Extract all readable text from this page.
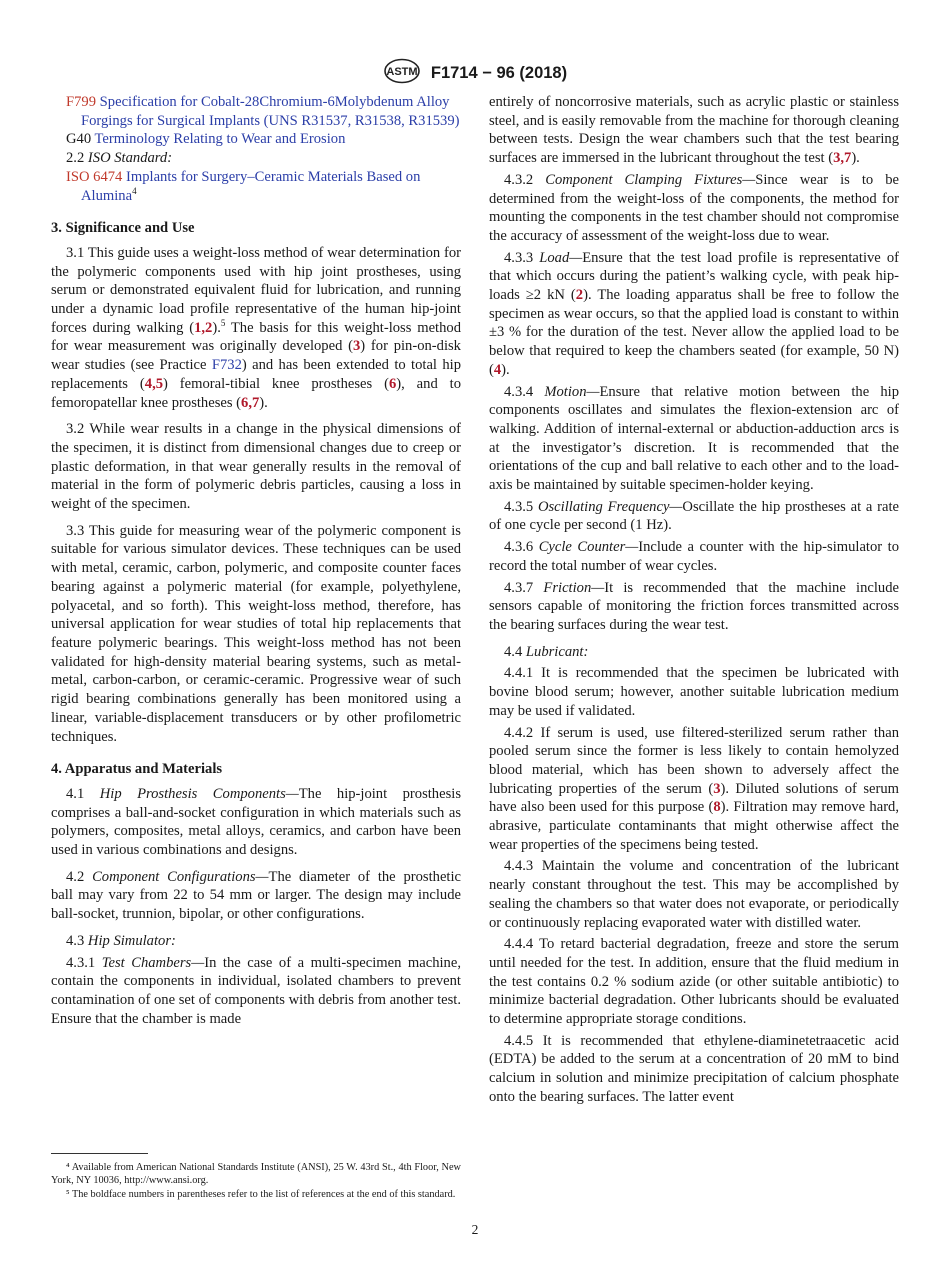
ASTM F1714 − 96 (2018)

F799 Specification for Cobalt-28Chromium-6Molybdenum Alloy Forgings for Surgical Implants (UNS R31537, R31538, R31539)

G40 Terminology Relating to Wear and Erosion

2.2 ISO Standard:

ISO 6474 Implants for Surgery–Ceramic Materials Based on Alumina$^4$

3. Significance and Use

3.1 This guide uses a weight-loss method of wear determination for the polymeric components used with hip joint prostheses, using serum or demonstrated equivalent fluid for lubrication, and running under a dynamic load profile representative of the human hip-joint forces during walking (1,2).$^5$ The basis for this weight-loss method for wear measurement was originally developed (3) for pin-on-disk wear studies (see Practice F732) and has been extended to total hip replacements (4,5) femoral-tibial knee prostheses (6), and to femoropatellar knee prostheses (6,7).

3.2 While wear results in a change in the physical dimensions of the specimen, it is distinct from dimensional changes due to creep or plastic deformation, in that wear generally results in the removal of material in the form of polymeric debris particles, causing a loss in weight of the specimen.

3.3 This guide for measuring wear of the polymeric component is suitable for various simulator devices. These techniques can be used with metal, ceramic, carbon, polymeric, and composite counter faces bearing against a polymeric material (for example, polyethylene, polyacetal, and so forth). This weight-loss method, therefore, has universal application for wear studies of total hip replacements that feature polymeric bearings. This weight-loss method has not been validated for high-density material bearing systems, such as metal-metal, carbon-carbon, or ceramic-ceramic. Progressive wear of such rigid bearing combinations generally has been monitored using a linear, variable-displacement transducers or by other profilometric techniques.

4. Apparatus and Materials

4.1 Hip Prosthesis Components—The hip-joint prosthesis comprises a ball-and-socket configuration in which materials such as polymers, composites, metal alloys, ceramics, and carbon have been used in various combinations and designs.

4.2 Component Configurations—The diameter of the prosthetic ball may vary from 22 to 54 mm or larger. The design may include ball-socket, trunnion, bipolar, or other configurations.

4.3 Hip Simulator:

4.3.1 Test Chambers—In the case of a multi-specimen machine, contain the components in individual, isolated chambers to prevent contamination of one set of components with debris from another test. Ensure that the chamber is made

entirely of noncorrosive materials, such as acrylic plastic or stainless steel, and is easily removable from the machine for thorough cleaning between tests. Design the wear chambers such that the test bearing surfaces are immersed in the lubricant throughout the test (3,7).

4.3.2 Component Clamping Fixtures—Since wear is to be determined from the weight-loss of the components, the method for mounting the components in the test chamber should not compromise the accuracy of assessment of the weight-loss due to wear.

4.3.3 Load—Ensure that the test load profile is representative of that which occurs during the patient’s walking cycle, with peak hip-loads ≥2 kN (2). The loading apparatus shall be free to follow the specimen as wear occurs, so that the applied load is constant to within ±3 % for the duration of the test. Never allow the applied load to be below that required to keep the chambers seated (for example, 50 N) (4).

4.3.4 Motion—Ensure that relative motion between the hip components oscillates and simulates the flexion-extension arc of walking. Addition of internal-external or abduction-adduction arcs is at the investigator’s discretion. It is recommended that the orientations of the cup and ball relative to each other and to the load-axis be maintained by suitable specimen-holder keying.

4.3.5 Oscillating Frequency—Oscillate the hip prostheses at a rate of one cycle per second (1 Hz).

4.3.6 Cycle Counter—Include a counter with the hip-simulator to record the total number of wear cycles.

4.3.7 Friction—It is recommended that the machine include sensors capable of monitoring the friction forces transmitted across the bearing surfaces during the wear test.

4.4 Lubricant:

4.4.1 It is recommended that the specimen be lubricated with bovine blood serum; however, another suitable lubrication medium may be used if validated.

4.4.2 If serum is used, use filtered-sterilized serum rather than pooled serum since the former is less likely to contain hemolyzed blood material, which has been shown to adversely affect the lubricating properties of the serum (3). Diluted solutions of serum have also been used for this purpose (8). Filtration may remove hard, abrasive, particulate contaminants that might otherwise affect the wear properties of the specimens being tested.

4.4.3 Maintain the volume and concentration of the lubricant nearly constant throughout the test. This may be accomplished by sealing the chambers so that water does not evaporate, or periodically or continuously replacing evaporated water with distilled water.

4.4.4 To retard bacterial degradation, freeze and store the serum until needed for the test. In addition, ensure that the fluid medium in the test contains 0.2 % sodium azide (or other suitable antibiotic) to minimize bacterial degradation. Other lubricants should be evaluated to determine appropriate storage conditions.

4.4.5 It is recommended that ethylene-diaminetetraacetic acid (EDTA) be added to the serum at a concentration of 20 mM to bind calcium in solution and minimize precipitation of calcium phosphate onto the bearing surfaces. The latter event

⁴ Available from American National Standards Institute (ANSI), 25 W. 43rd St., 4th Floor, New York, NY 10036, http://www.ansi.org.
⁵ The boldface numbers in parentheses refer to the list of references at the end of this standard.
2
